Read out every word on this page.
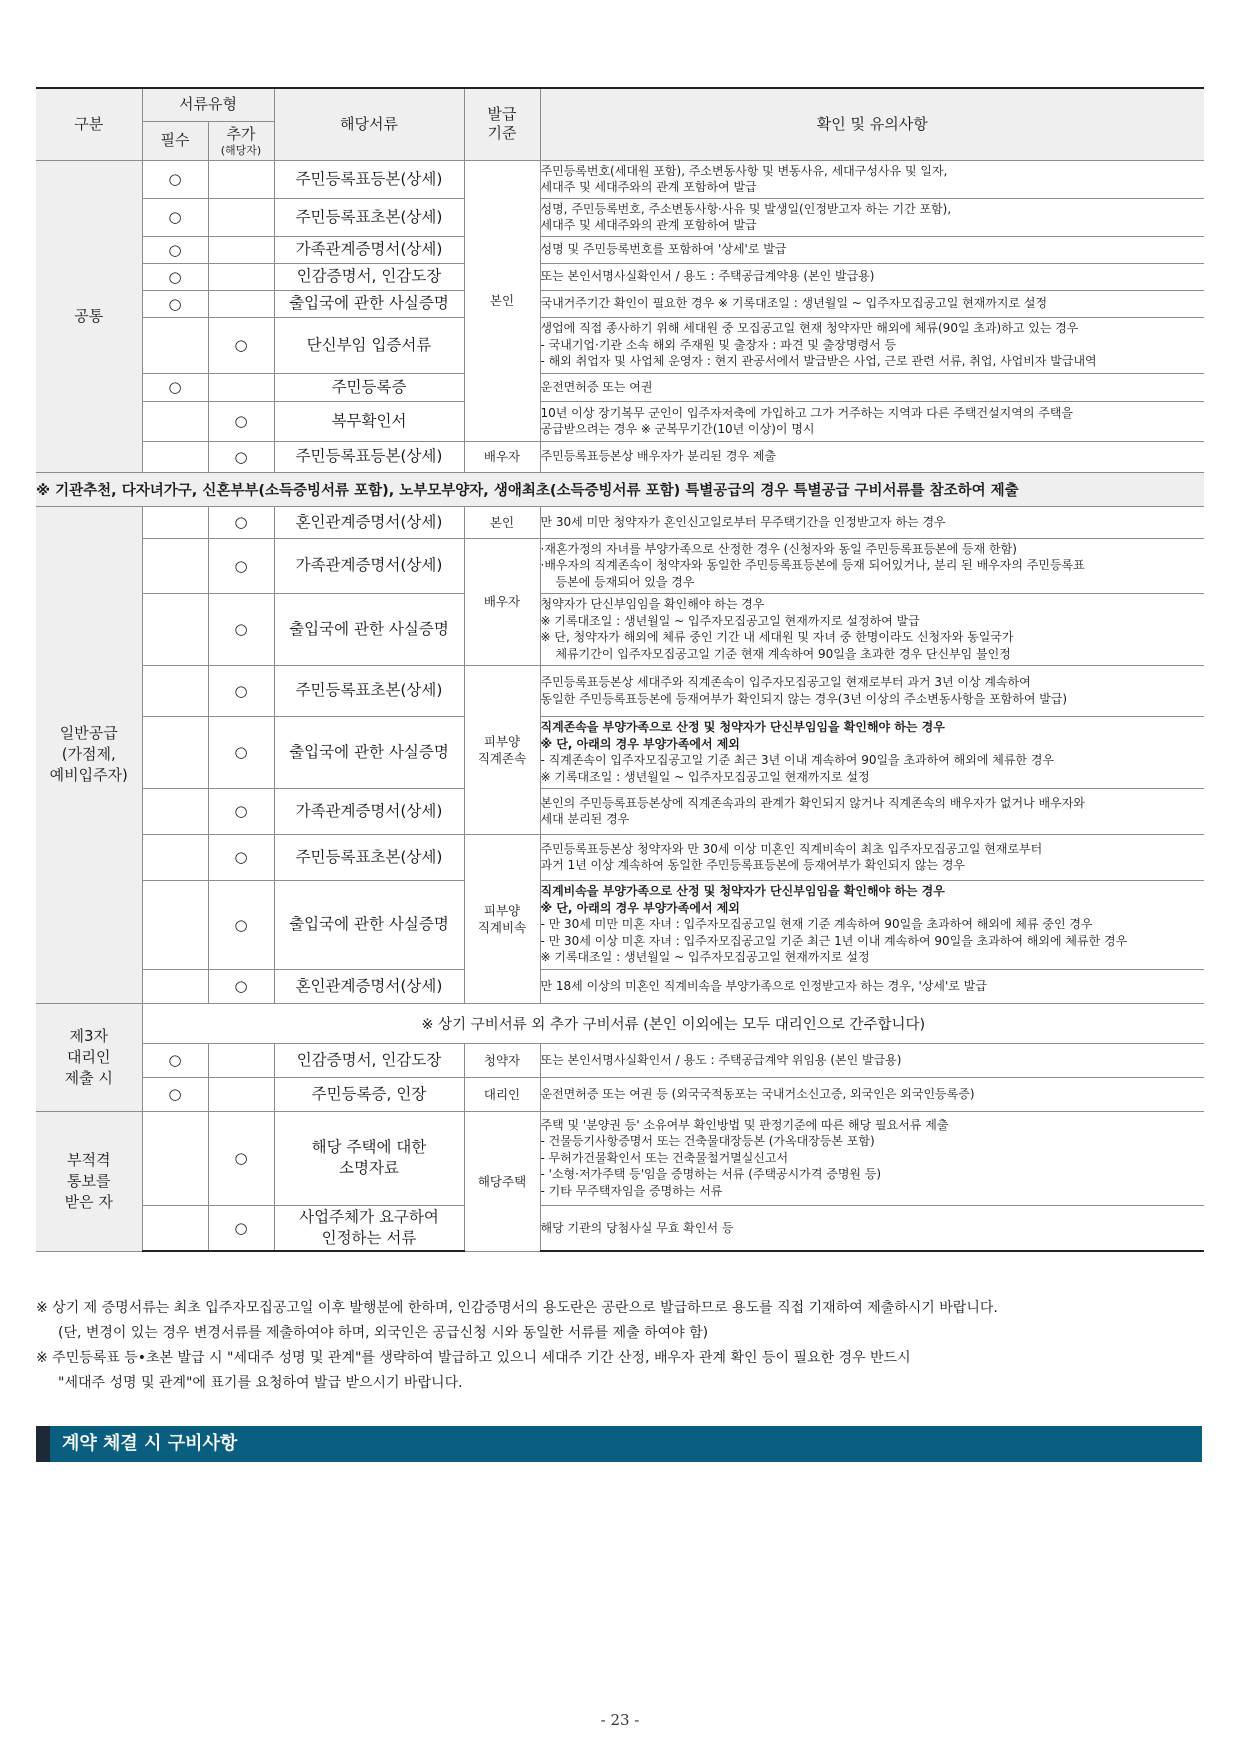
구분	서류유형		해당서류	발급
기준	확인 및 유의사항
	필수	추가
(해당자)			

공통	○		주민등록표등본(상세)	본인	주민등록번호(세대원 포함), 주소변동사항 및 변동사유, 세대구성사유 및 일자,
세대주 및 세대주와의 관계 포함하여 발급

	○		주민등록표초본(상세)		성명, 주민등록번호, 주소변동사항·사유 및 발생일(인정받고자 하는 기간 포함),
세대주 및 세대주와의 관계 포함하여 발급

	○		가족관계증명서(상세)		성명 및 주민등록번호를 포함하여 '상세'로 발급

	○		인감증명서, 인감도장		또는 본인서명사실확인서 / 용도 : 주택공급계약용 (본인 발급용)

	○		출입국에 관한 사실증명		국내거주기간 확인이 필요한 경우 ※ 기록대조일 : 생년월일 ~ 입주자모집공고일 현재까지로 설정

		○	단신부임 입증서류		생업에 직접 종사하기 위해 세대원 중 모집공고일 현재 청약자만 해외에 체류(90일 초과)하고 있는 경우
- 국내기업·기관 소속 해외 주재원 및 출장자 : 파견 및 출장명령서 등
- 해외 취업자 및 사업체 운영자 : 현지 관공서에서 발급받은 사업, 근로 관련 서류, 취업, 사업비자 발급내역

	○		주민등록증		운전면허증 또는 여권

		○	복무확인서		10년 이상 장기복무 군인이 입주자저축에 가입하고 그가 거주하는 지역과 다른 주택건설지역의 주택을
공급받으려는 경우 ※ 군복무기간(10년 이상)이 명시

		○	주민등록표등본(상세)	배우자	주민등록표등본상 배우자가 분리된 경우 제출

※ 기관추천, 다자녀가구, 신혼부부(소득증빙서류 포함), 노부모부양자, 생애최초(소득증빙서류 포함) 특별공급의 경우 특별공급 구비서류를 참조하여 제출					
일반공급
(가점제,
예비입주자)		○	혼인관계증명서(상세)	본인	만 30세 미만 청약자가 혼인신고일로부터 무주택기간을 인정받고자 하는 경우

		○	가족관계증명서(상세)	배우자	·재혼가정의 자녀를 부양가족으로 산정한 경우 (신청자와 동일 주민등록표등본에 등재 한함)
·배우자의 직계존속이 청약자와 동일한 주민등록표등본에 등재 되어있거나, 분리 된 배우자의 주민등록표
등본에 등재되어 있을 경우

		○	출입국에 관한 사실증명		청약자가 단신부임임을 확인해야 하는 경우
※ 기록대조일 : 생년월일 ~ 입주자모집공고일 현재까지로 설정하여 발급
※ 단, 청약자가 해외에 체류 중인 기간 내 세대원 및 자녀 중 한명이라도 신청자와 동일국가
체류기간이 입주자모집공고일 기준 현재 계속하여 90일을 초과한 경우 단신부임 불인정

		○	주민등록표초본(상세)	피부양
직계존속	주민등록표등본상 세대주와 직계존속이 입주자모집공고일 현재로부터 과거 3년 이상 계속하여
동일한 주민등록표등본에 등재여부가 확인되지 않는 경우(3년 이상의 주소변동사항을 포함하여 발급)

		○	출입국에 관한 사실증명		직계존속을 부양가족으로 산정 및 청약자가 단신부임임을 확인해야 하는 경우
※ 단, 아래의 경우 부양가족에서 제외
- 직계존속이 입주자모집공고일 기준 최근 3년 이내 계속하여 90일을 초과하여 해외에 체류한 경우
※ 기록대조일 : 생년월일 ~ 입주자모집공고일 현재까지로 설정

		○	가족관계증명서(상세)		본인의 주민등록표등본상에 직계존속과의 관계가 확인되지 않거나 직계존속의 배우자가 없거나 배우자와
세대 분리된 경우

		○	주민등록표초본(상세)	피부양
직계비속	주민등록표등본상 청약자와 만 30세 이상 미혼인 직계비속이 최초 입주자모집공고일 현재로부터
과거 1년 이상 계속하여 동일한 주민등록표등본에 등재여부가 확인되지 않는 경우

		○	출입국에 관한 사실증명		직계비속을 부양가족으로 산정 및 청약자가 단신부임임을 확인해야 하는 경우
※ 단, 아래의 경우 부양가족에서 제외
- 만 30세 미만 미혼 자녀 : 입주자모집공고일 현재 기준 계속하여 90일을 초과하여 해외에 체류 중인 경우
- 만 30세 이상 미혼 자녀 : 입주자모집공고일 기준 최근 1년 이내 계속하여 90일을 초과하여 해외에 체류한 경우
※ 기록대조일 : 생년월일 ~ 입주자모집공고일 현재까지로 설정

		○	혼인관계증명서(상세)		만 18세 이상의 미혼인 직계비속을 부양가족으로 인정받고자 하는 경우, '상세'로 발급

제3자
대리인
제출 시	※ 상기 구비서류 외 추가 구비서류 (본인 이외에는 모두 대리인으로 간주합니다)				
	○		인감증명서, 인감도장	청약자	또는 본인서명사실확인서 / 용도 : 주택공급계약 위임용 (본인 발급용)

	○		주민등록증, 인장	대리인	운전면허증 또는 여권 등 (외국국적동포는 국내거소신고증, 외국인은 외국인등록증)

부적격
통보를
받은 자		○	해당 주택에 대한
소명자료	해당주택	주택 및 '분양권 등' 소유여부 확인방법 및 판정기준에 따른 해당 필요서류 제출
- 건물등기사항증명서 또는 건축물대장등본 (가옥대장등본 포함)
- 무허가건물확인서 또는 건축물철거멸실신고서
- '소형·저가주택 등'임을 증명하는 서류 (주택공시가격 증명원 등)
- 기타 무주택자임을 증명하는 서류

		○	사업주체가 요구하여
인정하는 서류		해당 기관의 당첨사실 무효 확인서 등
※ 상기 제 증명서류는 최초 입주자모집공고일 이후 발행분에 한하며, 인감증명서의 용도란은 공란으로 발급하므로 용도를 직접 기재하여 제출하시기 바랍니다.
(단, 변경이 있는 경우 변경서류를 제출하여야 하며, 외국인은 공급신청 시와 동일한 서류를 제출 하여야 함)
※ 주민등록표 등•초본 발급 시 "세대주 성명 및 관계"를 생략하여 발급하고 있으니 세대주 기간 산정, 배우자 관계 확인 등이 필요한 경우 반드시
"세대주 성명 및 관계"에 표기를 요청하여 발급 받으시기 바랍니다.
계약 체결 시 구비사항
- 23 -
